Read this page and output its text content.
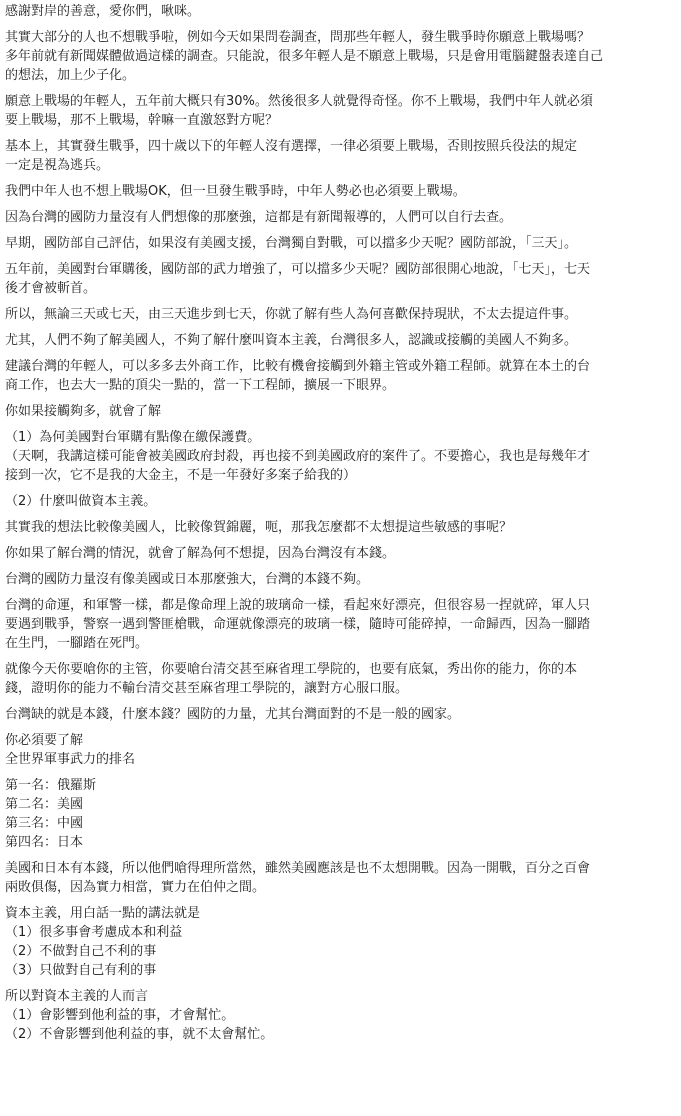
感謝對岸的善意，愛你們，啾咪。

其實大部分的人也不想戰爭啦，例如今天如果問卷調查，問那些年輕人，發生戰爭時你願意上戰場嗎？
多年前就有新聞媒體做過這樣的調查。只能說，很多年輕人是不願意上戰場，只是會用電腦鍵盤表達自己
的想法，加上少子化。

願意上戰場的年輕人，五年前大概只有30%。然後很多人就覺得奇怪。你不上戰場，我們中年人就必須
要上戰場，那不上戰場，幹嘛一直激怒對方呢？

基本上，其實發生戰爭，四十歲以下的年輕人沒有選擇，一律必須要上戰場，否則按照兵役法的規定
一定是視為逃兵。

我們中年人也不想上戰場OK，但一旦發生戰爭時，中年人勢必也必須要上戰場。

因為台灣的國防力量沒有人們想像的那麼強，這都是有新聞報導的，人們可以自行去查。

早期，國防部自己評估，如果沒有美國支援，台灣獨自對戰，可以擋多少天呢？國防部說，「三天」。

五年前，美國對台軍購後，國防部的武力增強了，可以擋多少天呢？國防部很開心地說，「七天」，七天
後才會被斬首。

所以，無論三天或七天，由三天進步到七天，你就了解有些人為何喜歡保持現狀，不太去提這件事。

尤其，人們不夠了解美國人，不夠了解什麼叫資本主義，台灣很多人，認識或接觸的美國人不夠多。

建議台灣的年輕人，可以多多去外商工作，比較有機會接觸到外籍主管或外籍工程師。就算在本土的台
商工作，也去大一點的頂尖一點的，當一下工程師，擴展一下眼界。

你如果接觸夠多，就會了解

（1）為何美國對台軍購有點像在繳保護費。
（天啊，我講這樣可能會被美國政府封殺，再也接不到美國政府的案件了。不要擔心，我也是每幾年才
接到一次，它不是我的大金主，不是一年發好多案子給我的）

（2）什麼叫做資本主義。

其實我的想法比較像美國人，比較像賀錦麗，呃，那我怎麼都不太想提這些敏感的事呢？

你如果了解台灣的情況，就會了解為何不想提，因為台灣沒有本錢。

台灣的國防力量沒有像美國或日本那麼強大，台灣的本錢不夠。

台灣的命運，和軍警一樣，都是像命理上說的玻璃命一樣，看起來好漂亮，但很容易一捏就碎，軍人只
要遇到戰爭，警察一遇到警匪槍戰，命運就像漂亮的玻璃一樣，隨時可能碎掉，一命歸西，因為一腳踏
在生門，一腳踏在死門。

就像今天你要嗆你的主管，你要嗆台清交甚至麻省理工學院的，也要有底氣，秀出你的能力，你的本
錢，證明你的能力不輸台清交甚至麻省理工學院的，讓對方心服口服。

台灣缺的就是本錢，什麼本錢？國防的力量，尤其台灣面對的不是一般的國家。

你必須要了解
全世界軍事武力的排名

第一名：俄羅斯
第二名：美國
第三名：中國
第四名：日本

美國和日本有本錢，所以他們嗆得理所當然，雖然美國應該是也不太想開戰。因為一開戰，百分之百會
兩敗俱傷，因為實力相當，實力在伯仲之間。

資本主義，用白話一點的講法就是
（1）很多事會考慮成本和利益
（2）不做對自己不利的事
（3）只做對自己有利的事

所以對資本主義的人而言
（1）會影響到他利益的事，才會幫忙。
（2）不會影響到他利益的事，就不太會幫忙。
